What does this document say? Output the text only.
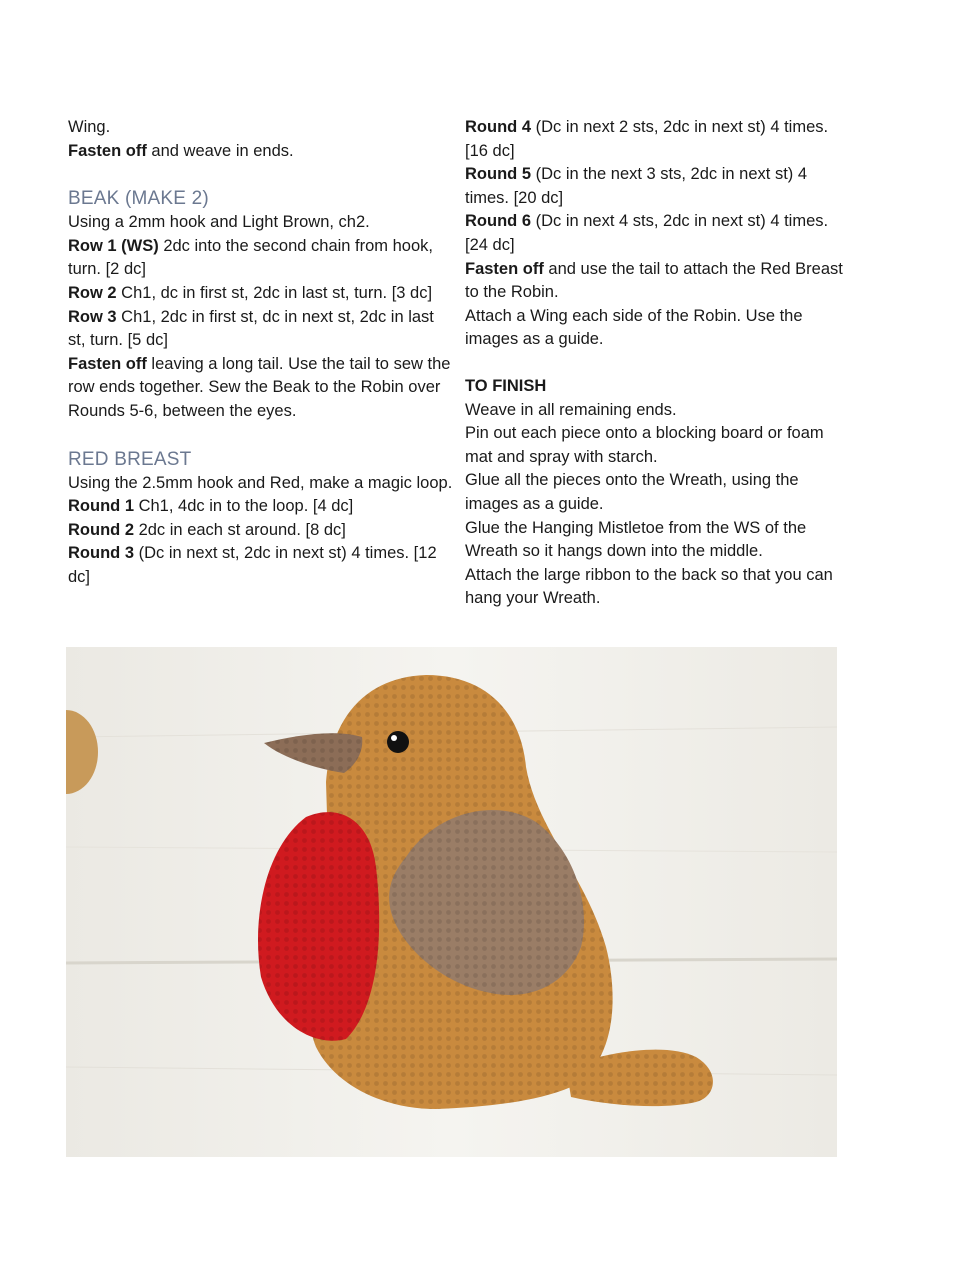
Wing.

Fasten off and weave in ends.

BEAK (MAKE 2)

Using a 2mm hook and Light Brown, ch2.

Row 1 (WS) 2dc into the second chain from hook, turn. [2 dc]

Row 2 Ch1, dc in first st, 2dc in last st, turn. [3 dc]

Row 3 Ch1, 2dc in first st, dc in next st, 2dc in last st, turn. [5 dc]

Fasten off leaving a long tail. Use the tail to sew the row ends together. Sew the Beak to the Robin over Rounds 5-6, between the eyes.

RED BREAST

Using the 2.5mm hook and Red, make a magic loop.

Round 1 Ch1, 4dc in to the loop. [4 dc]

Round 2 2dc in each st around. [8 dc]

Round 3 (Dc in next st, 2dc in next st) 4 times. [12 dc]

Round 4 (Dc in next 2 sts, 2dc in next st) 4 times. [16 dc]

Round 5 (Dc in the next 3 sts, 2dc in next st) 4 times. [20 dc]

Round 6 (Dc in next 4 sts, 2dc in next st) 4 times. [24 dc]

Fasten off and use the tail to attach the Red Breast to the Robin.

Attach a Wing each side of the Robin. Use the images as a guide.

TO FINISH

Weave in all remaining ends.

Pin out each piece onto a blocking board or foam mat and spray with starch.

Glue all the pieces onto the Wreath, using the images as a guide.

Glue the Hanging Mistletoe from the WS of the Wreath so it hangs down into the middle.

Attach the large ribbon to the back so that you can hang your Wreath.
